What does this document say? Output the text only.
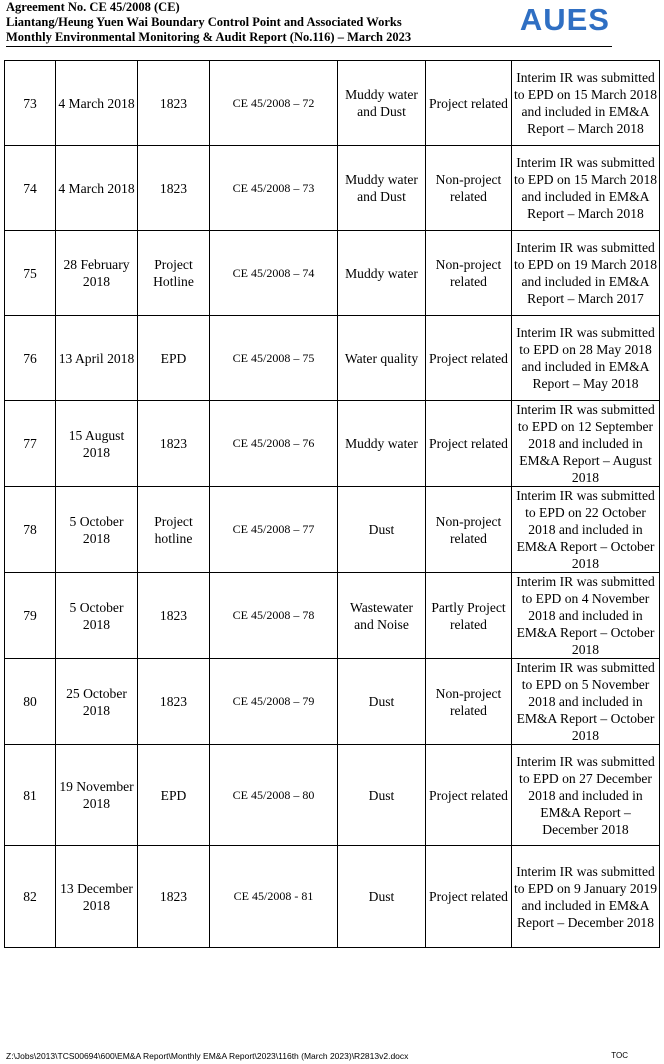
Agreement No. CE 45/2008 (CE)
Liantang/Heung Yuen Wai Boundary Control Point and Associated Works
Monthly Environmental Monitoring & Audit Report (No.116) – March 2023	AUES
73	4 March 2018	1823	CE 45/2008 – 72	Muddy water and Dust	Project related	Interim IR was submitted to EPD on 15 March 2018 and included in EM&A Report – March 2018
74	4 March 2018	1823	CE 45/2008 – 73	Muddy water and Dust	Non-project related	Interim IR was submitted to EPD on 15 March 2018 and included in EM&A Report – March 2018
75	28 February 2018	Project Hotline	CE 45/2008 – 74	Muddy water	Non-project related	Interim IR was submitted to EPD on 19 March 2018 and included in EM&A Report – March 2017
76	13 April 2018	EPD	CE 45/2008 – 75	Water quality	Project related	Interim IR was submitted to EPD on 28 May 2018 and included in EM&A Report – May 2018
77	15 August 2018	1823	CE 45/2008 – 76	Muddy water	Project related	Interim IR was submitted to EPD on 12 September 2018 and included in EM&A Report – August 2018
78	5 October 2018	Project hotline	CE 45/2008 – 77	Dust	Non-project related	Interim IR was submitted to EPD on 22 October 2018 and included in EM&A Report – October 2018
79	5 October 2018	1823	CE 45/2008 – 78	Wastewater and Noise	Partly Project related	Interim IR was submitted to EPD on 4 November 2018 and included in EM&A Report – October 2018
80	25 October 2018	1823	CE 45/2008 – 79	Dust	Non-project related	Interim IR was submitted to EPD on 5 November 2018 and included in EM&A Report – October 2018
81	19 November 2018	EPD	CE 45/2008 – 80	Dust	Project related	Interim IR was submitted to EPD on 27 December 2018 and included in EM&A Report – December 2018
82	13 December 2018	1823	CE 45/2008 - 81	Dust	Project related	Interim IR was submitted to EPD on 9 January 2019 and included in EM&A Report – December 2018
Z:\Jobs\2013\TCS00694\600\EM&A Report\Monthly EM&A Report\2023\116th (March 2023)\R2813v2.docx	TOC
